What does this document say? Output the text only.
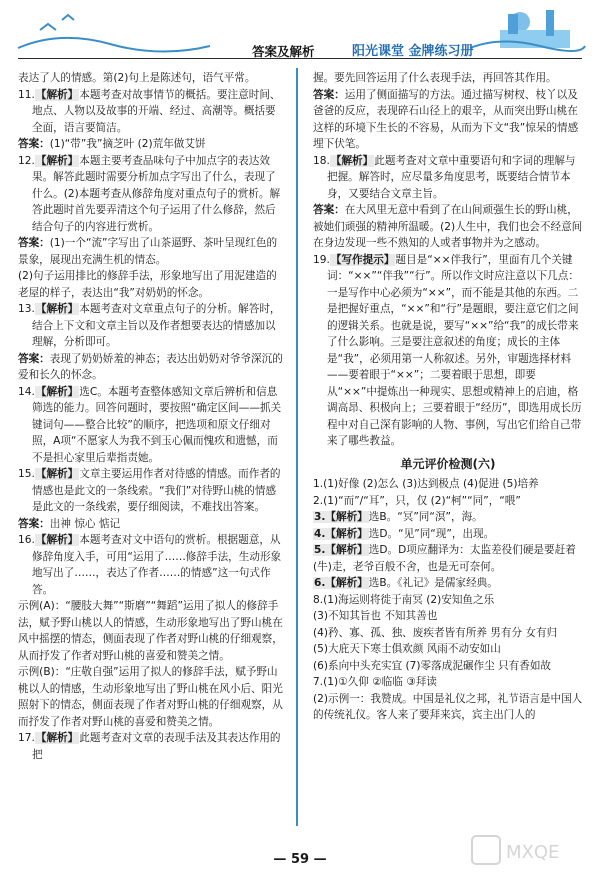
答案及解析	阳光课堂 金牌练习册

表达了人的情感。第(2)句上是陈述句，语气平常。

11.【解析】本题考查对故事情节的概括。要注意时间、地点、人物以及故事的开端、经过、高潮等。概括要全面，语言要简洁。

答案：(1)“带”我”摘芝叶 (2)荒年做艾饼

12.【解析】本题主要考查品味句子中加点字的表达效果。解答此题时需要分析加点字写出了什么，表现了什么。(2)本题考查从修辞角度对重点句子的赏析。解答此题时首先要弄清这个句子运用了什么修辞，然后结合句子的内容进行赏析。

答案：(1)一个“流”字写出了山茶逼野、茶叶呈现红色的景象，展现出充满生机的情态。

(2)句子运用排比的修辞手法，形象地写出了用泥建造的老屋的样子，表达出“我”对奶奶的怀念。

13.【解析】本题考查对文章重点句子的分析。解答时，结合上下文和文章主旨以及作者想要表达的情感加以理解，分析即可。

答案：表现了奶奶娇羞的神态；表达出奶奶对爷爷深沉的爱和长久的怀念。

14.【解析】选C。本题考查整体感知文章后辨析和信息筛选的能力。回答问题时，要按照“确定区间——抓关键词句——整合比较”的顺序，把选项和原文仔细对照，A项“不愿家人为我不到玉心佩而愧疚和遗憾，而不是担心家里后辈指责她。

15.【解析】文章主要运用作者对待感的情感。而作者的情感也是此文的一条线索。“我们”对待野山桃的情感是此文的一条线索，要仔细阅读，不难找出答案。

答案：出神 惊心 惦记

16.【解析】本题考查对文中语句的赏析。根据题意，从修辞角度入手，可用“运用了……修辞手法，生动形象地写出了……，表达了作者……的情感”这一句式作答。

示例(A)：“腰肢大舞”“斯磨”“舞蹈”运用了拟人的修辞手法，赋予野山桃以人的情感，生动形象地写出了野山桃在风中摇摆的情态，侧面表现了作者对野山桃的仔细观察，从而抒发了作者对野山桃的喜爱和赞美之情。

示例(B)：“庄敬自强”运用了拟人的修辞手法，赋予野山桃以人的情感，生动形象地写出了野山桃在风小后、阳光照射下的情态，侧面表现了作者对野山桃的仔细观察，从而抒发了作者对野山桃的喜爱和赞美之情。

17.【解析】此题考查对文章的表现手法及其表达作用的把

握。要先回答运用了什么表现手法，再回答其作用。

答案：运用了侧面描写的方法。通过描写树杈、枝丫以及爸爸的反应，表现碎石山径上的艰辛，从而突出野山桃在这样的环境下生长的不容易，从而为下文“我”惊呆的情感埋下伏笔。

18.【解析】此题考查对文章中重要语句和字词的理解与把握。解答时，应尽量多角度思考，既要结合情节本身，又要结合文章主旨。

答案：在大风里无意中看到了在山间顽强生长的野山桃，被她们顽强的精神所温暖。(2)人生中，我们也会不经意间在身边发现一些不熟知的人或者事物并为之感动。

19.【写作提示】题目是“××伴我行”，里面有几个关键词：“××”“伴我”“行”。所以作文时应注意以下几点：一是写作中心必须为“××”，而不能是其他的东西。二是把握好重点，“××”和“行”是题眼，要注意它们之间的逻辑关系。也就是说，要写“××”给“我”的成长带来了什么影响。三是要注意叙述的角度；成长的主体是“我”，必须用第一人称叙述。另外，审题选择材料——要着眼于“××”；二要着眼于思想，即要从“××”中提炼出一种现实、思想或精神上的启迪，格调高昂、积极向上；三要着眼于“经历”，即选用成长历程中对自己深有影响的人物、事例，写出它们给自己带来了哪些教益。

单元评价检测(六)

1.(1)好像 (2)怎么 (3)达到极点 (4)促进 (5)培养

2.(1)“而”/“耳”，只，仅 (2)“柯”“同”，“喂”

3.【解析】选B。“冥”同“溟”，海。

4.【解析】选D。“见”同“现”，出现。

5.【解析】选D。D项应翻译为：太监差役们硬是要赶着(牛)走，老爷百般不舍，也是无可奈何。

6.【解析】选B。《礼记》是儒家经典。

8.(1)海运则将徙于南冥 (2)安知鱼之乐

(3)不知其旨也 不知其善也

(4)矜、寡、孤、独、废疾者皆有所养 男有分 女有归

(5)大庇天下寒士俱欢颜 风雨不动安如山

(6)系向中头充实宜 (7)零落成泥碾作尘 只有香如故

7.(1)①久仰 ②临临 ③拜读

(2)示例一：我赞成。中国是礼仪之邦，礼节语言是中国人的传统礼仪。客人来了要拜来宾，宾主出门人的

— 59 —	MXQE
